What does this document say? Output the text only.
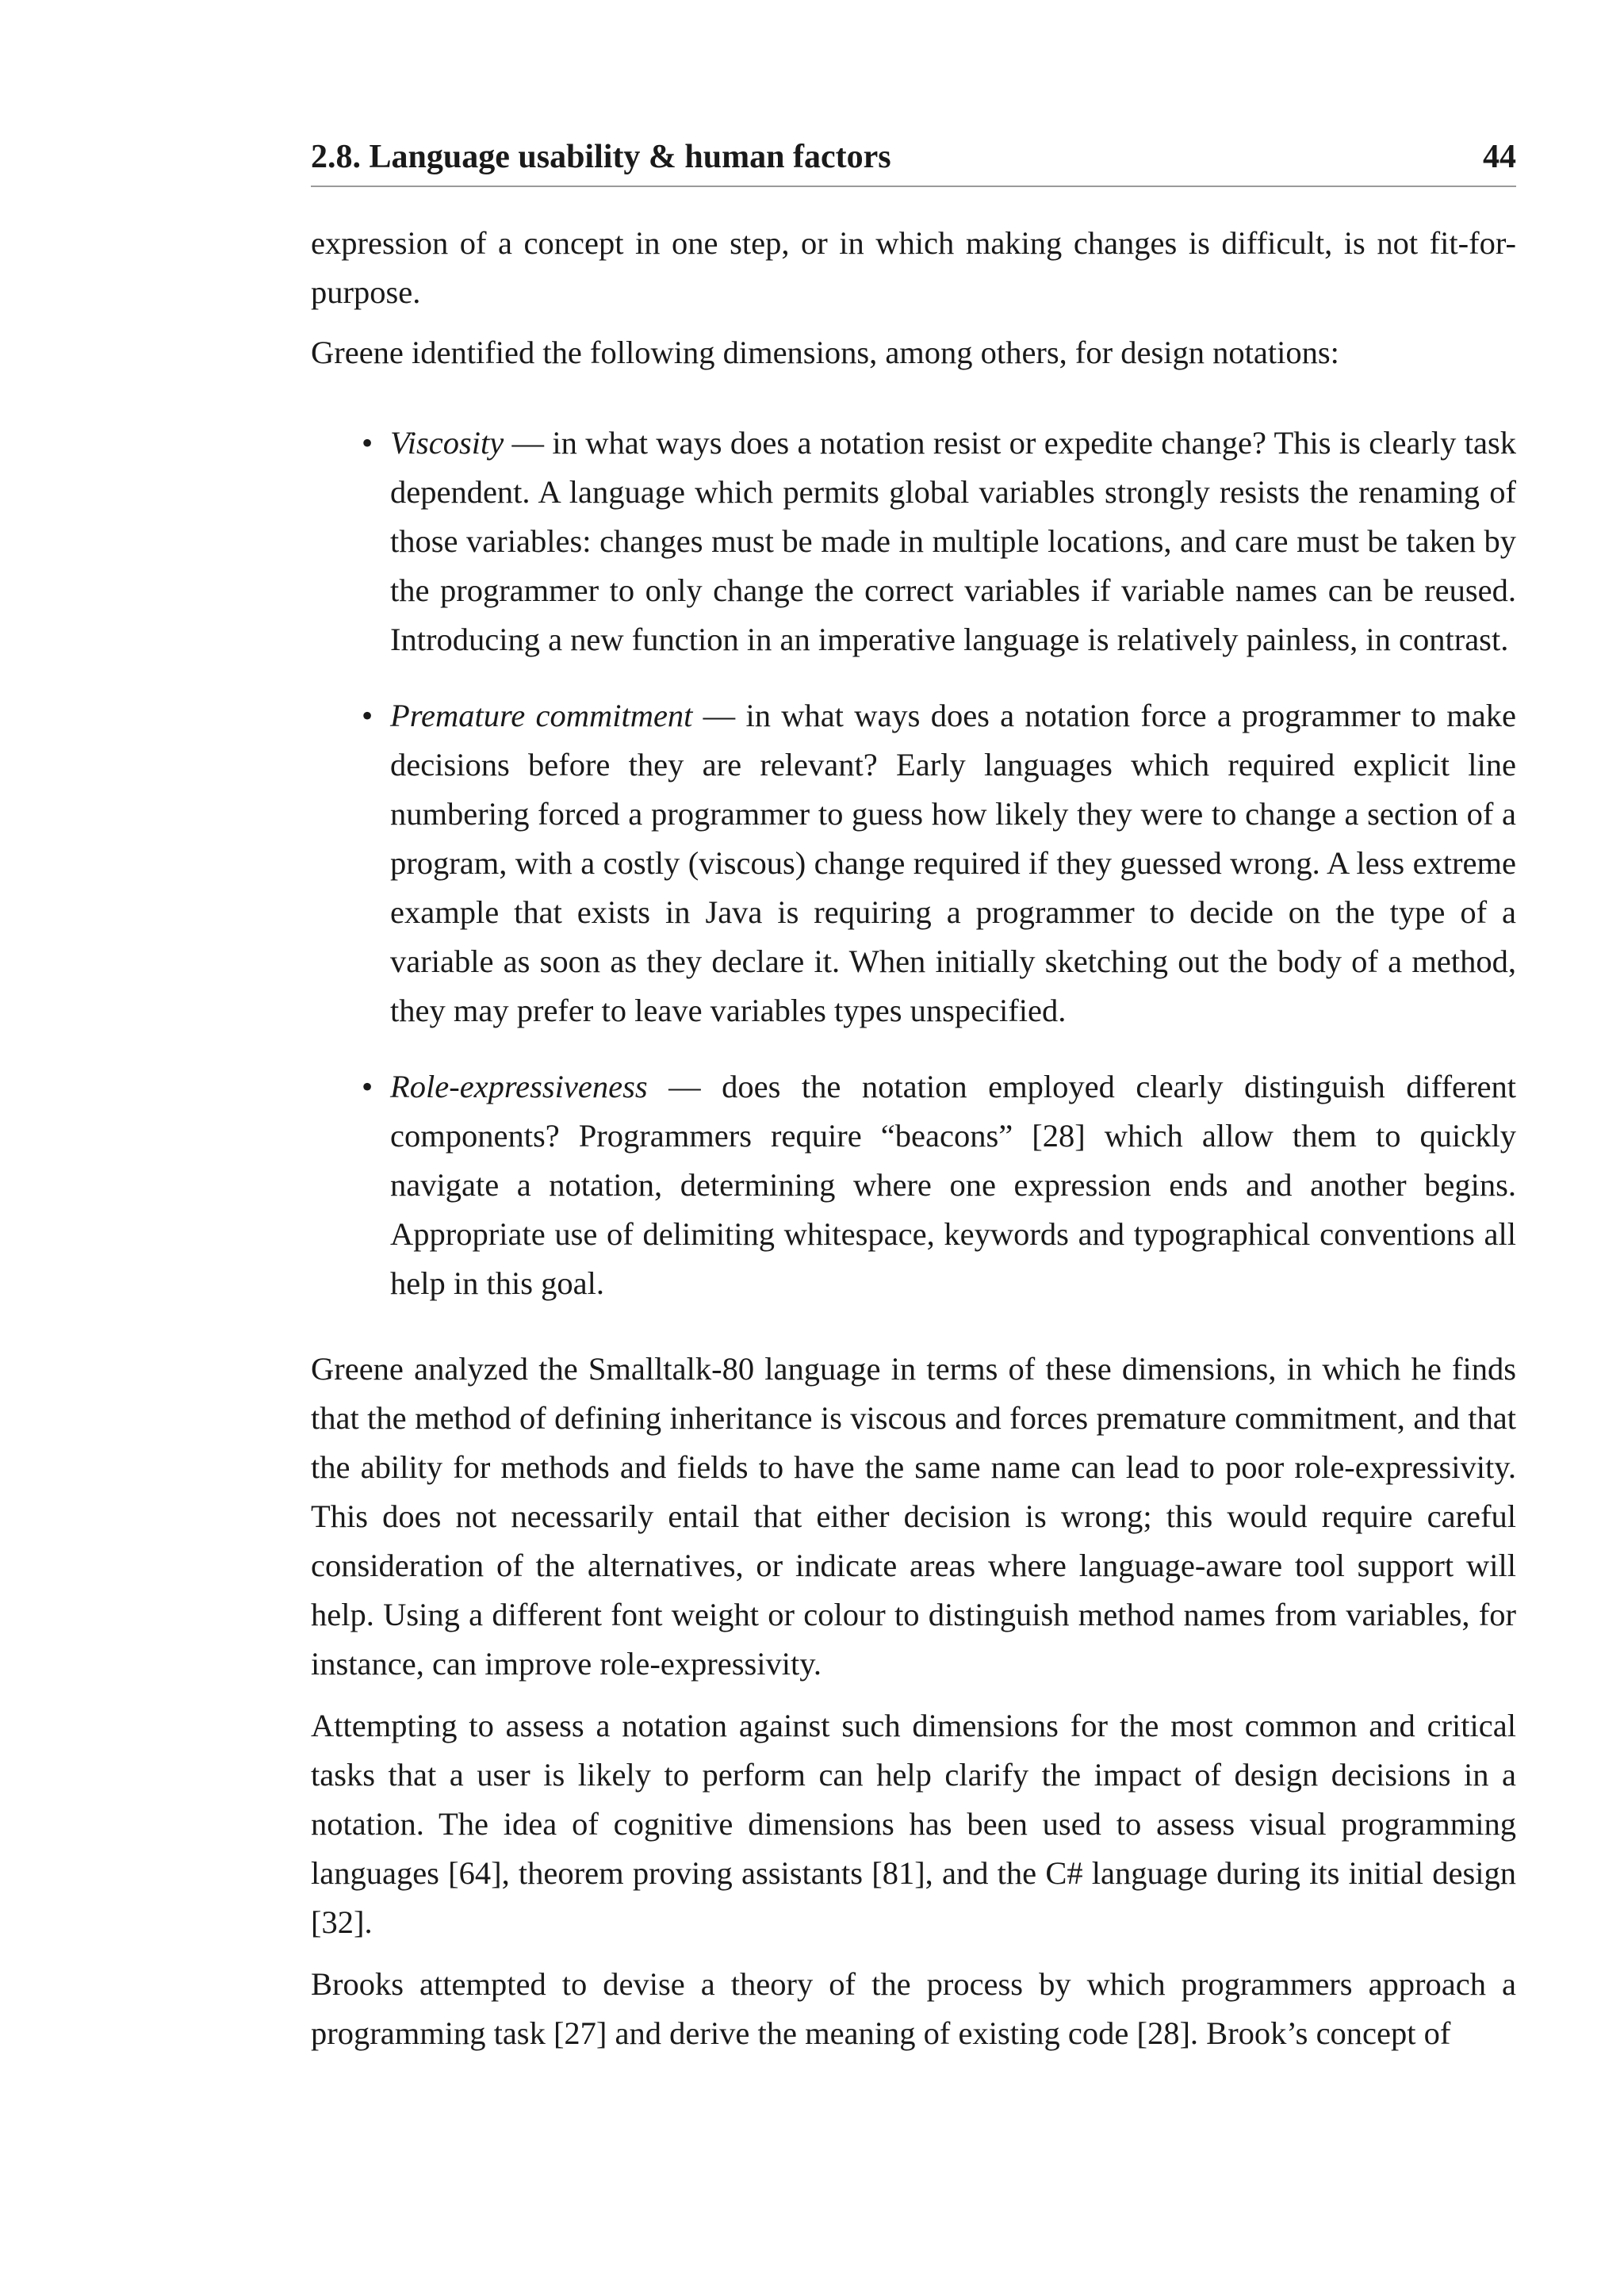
2.8. Language usability & human factors	44

expression of a concept in one step, or in which making changes is difficult, is not fit-for-purpose.

Greene identified the following dimensions, among others, for design notations:

• Viscosity — in what ways does a notation resist or expedite change? This is clearly task dependent. A language which permits global variables strongly resists the renaming of those variables: changes must be made in multiple locations, and care must be taken by the programmer to only change the correct variables if variable names can be reused. Introducing a new function in an imperative language is relatively painless, in contrast.
• Premature commitment — in what ways does a notation force a programmer to make decisions before they are relevant? Early languages which required explicit line numbering forced a programmer to guess how likely they were to change a section of a program, with a costly (viscous) change required if they guessed wrong. A less extreme example that exists in Java is requiring a programmer to decide on the type of a variable as soon as they declare it. When initially sketching out the body of a method, they may prefer to leave variables types unspecified.
• Role-expressiveness — does the notation employed clearly distinguish different components? Programmers require “beacons” [28] which allow them to quickly navigate a notation, determining where one expression ends and another begins. Appropriate use of delimiting whitespace, keywords and typographical conventions all help in this goal.

Greene analyzed the Smalltalk-80 language in terms of these dimensions, in which he finds that the method of defining inheritance is viscous and forces premature commitment, and that the ability for methods and fields to have the same name can lead to poor role-expressivity. This does not necessarily entail that either decision is wrong; this would require careful consideration of the alternatives, or indicate areas where language-aware tool support will help. Using a different font weight or colour to distinguish method names from variables, for instance, can improve role-expressivity.

Attempting to assess a notation against such dimensions for the most common and critical tasks that a user is likely to perform can help clarify the impact of design decisions in a notation. The idea of cognitive dimensions has been used to assess visual programming languages [64], theorem proving assistants [81], and the C# language during its initial design [32].

Brooks attempted to devise a theory of the process by which programmers approach a programming task [27] and derive the meaning of existing code [28]. Brook’s concept of
